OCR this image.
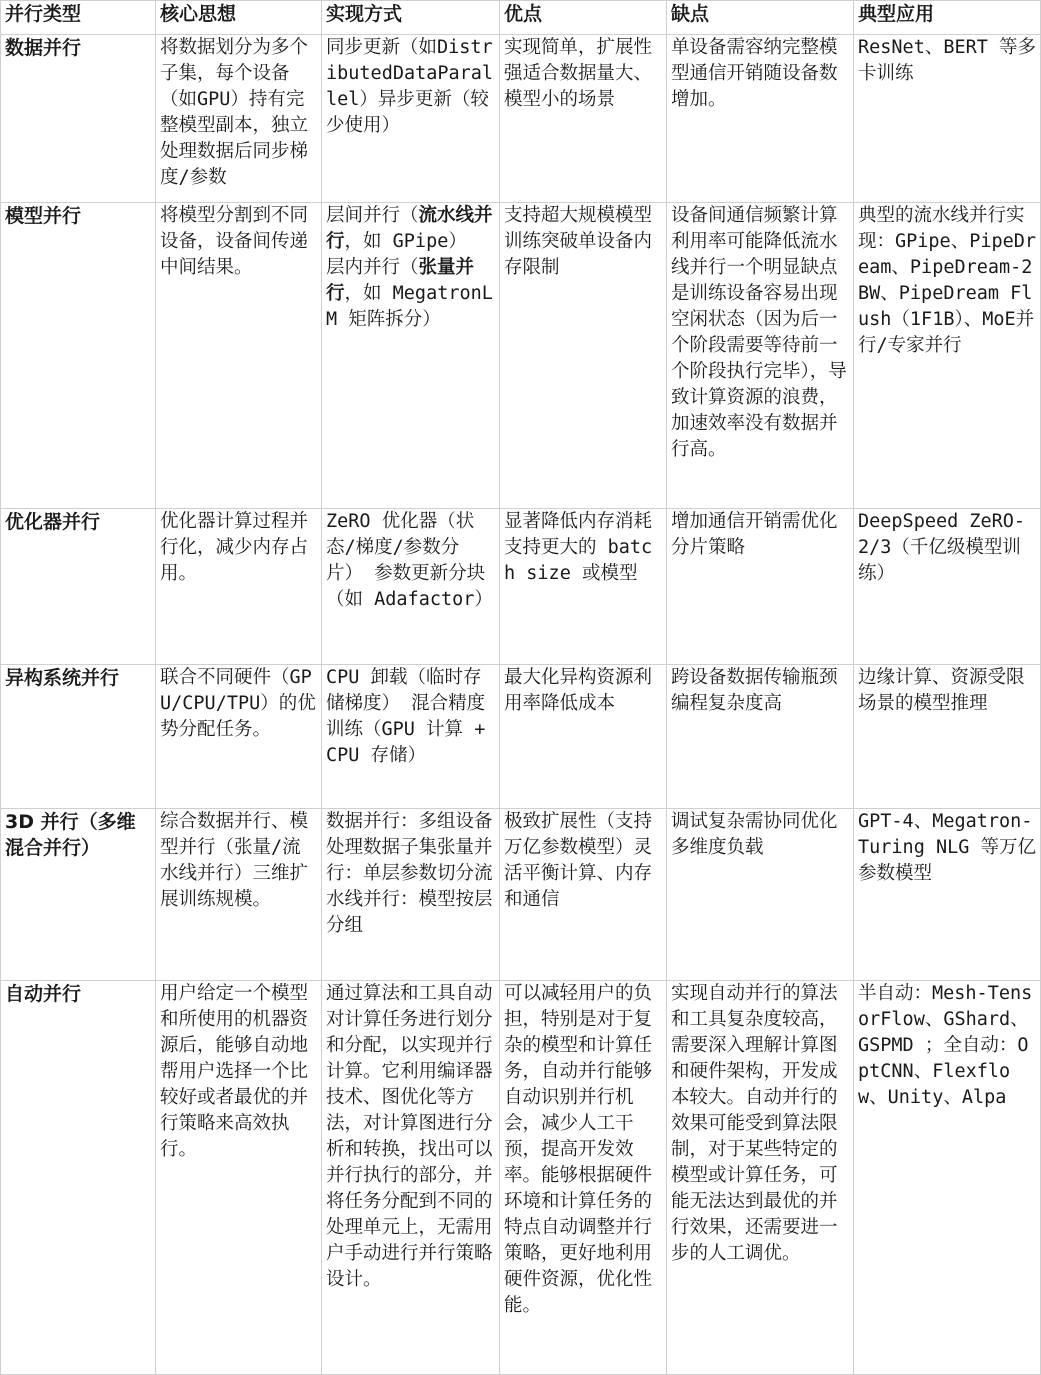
并行类型	核心思想	实现方式	优点	缺点	典型应用
数据并行	将数据划分为多个子集，每个设备（如GPU）持有完整模型副本，独立处理数据后同步梯度/参数	同步更新（如DistributedDataParallel）异步更新（较少使用）	实现简单，扩展性强适合数据量大、模型小的场景	单设备需容纳完整模型通信开销随设备数增加。	ResNet、BERT 等多卡训练
模型并行	将模型分割到不同设备，设备间传递中间结果。	层间并行（流水线并行，如 GPipe） 层内并行（张量并行，如 MegatronLM 矩阵拆分）	支持超大规模模型训练突破单设备内存限制	设备间通信频繁计算利用率可能降低流水线并行一个明显缺点是训练设备容易出现空闲状态（因为后一个阶段需要等待前一个阶段执行完毕），导致计算资源的浪费，加速效率没有数据并行高。	典型的流水线并行实现：GPipe、PipeDream、PipeDream-2BW、PipeDream Flush（1F1B）、MoE并行/专家并行
优化器并行	优化器计算过程并行化，减少内存占用。	ZeRO 优化器（状态/梯度/参数分片） 参数更新分块（如 Adafactor）	显著降低内存消耗支持更大的 batch size 或模型	增加通信开销需优化分片策略	DeepSpeed ZeRO-2/3（千亿级模型训练）
异构系统并行	联合不同硬件（GPU/CPU/TPU）的优势分配任务。	CPU 卸载（临时存储梯度） 混合精度训练（GPU 计算 + CPU 存储）	最大化异构资源利用率降低成本	跨设备数据传输瓶颈编程复杂度高	边缘计算、资源受限场景的模型推理
3D 并行（多维混合并行）	综合数据并行、模型并行（张量/流水线并行）三维扩展训练规模。	数据并行：多组设备处理数据子集张量并行：单层参数切分流水线并行：模型按层分组	极致扩展性（支持万亿参数模型）灵活平衡计算、内存和通信	调试复杂需协同优化多维度负载	GPT-4、Megatron-Turing NLG 等万亿参数模型
自动并行	用户给定一个模型和所使用的机器资源后，能够自动地帮用户选择一个比较好或者最优的并行策略来高效执行。	通过算法和工具自动对计算任务进行划分和分配，以实现并行计算。它利用编译器技术、图优化等方法，对计算图进行分析和转换，找出可以并行执行的部分，并将任务分配到不同的处理单元上，无需用户手动进行并行策略设计。	可以减轻用户的负担，特别是对于复杂的模型和计算任务，自动并行能够自动识别并行机会，减少人工干预，提高开发效率。能够根据硬件环境和计算任务的特点自动调整并行策略，更好地利用硬件资源，优化性能。	实现自动并行的算法和工具复杂度较高，需要深入理解计算图和硬件架构，开发成本较大。自动并行的效果可能受到算法限制，对于某些特定的模型或计算任务，可能无法达到最优的并行效果，还需要进一步的人工调优。	半自动：Mesh-TensorFlow、GShard、GSPMD ；全自动：OptCNN、Flexflow、Unity、Alpa
